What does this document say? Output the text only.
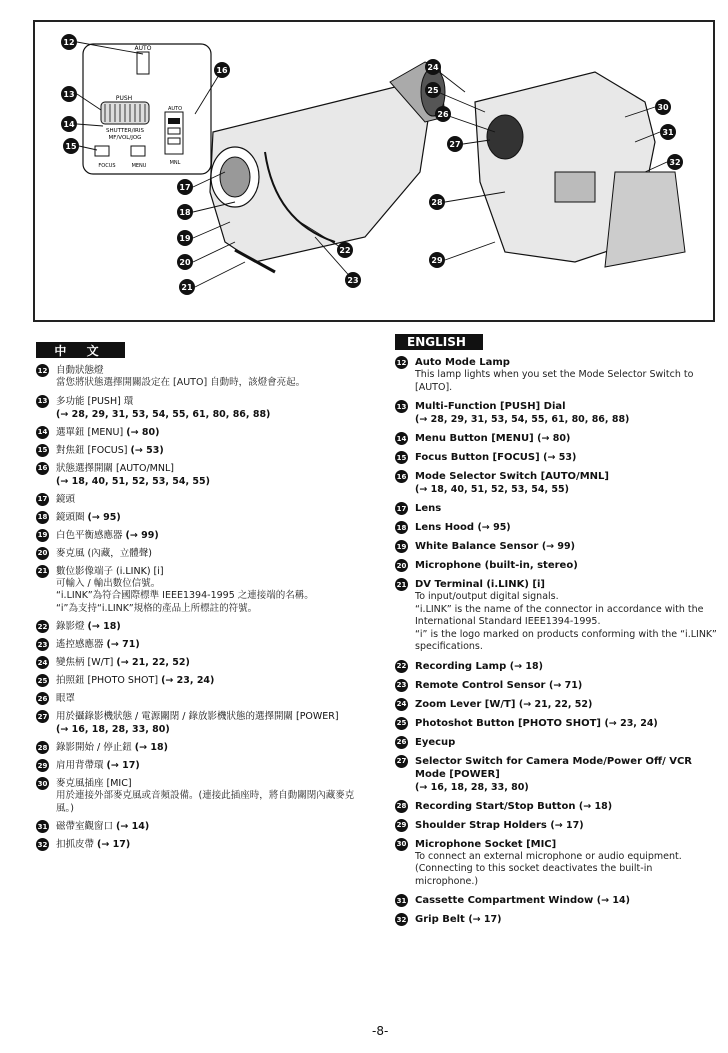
AUTO
PUSH
SHUTTER/IRIS
MF/VOL/JOG
FOCUS	MENU
AUTO
MNL
12
13
14
15
16
17
18
19
20
21
22
23
24
25
26
27
28
29
30
31
32
中 文
ENGLISH
12 自動狀態燈
當您將狀態選擇開關設定在 [AUTO] 自動時，該燈會亮起。
13 多功能 [PUSH] 環
(→ 28, 29, 31, 53, 54, 55, 61, 80, 86, 88)
14 選單鈕 [MENU] (→ 80)
15 對焦鈕 [FOCUS] (→ 53)
16 狀態選擇開關 [AUTO/MNL]
(→ 18, 40, 51, 52, 53, 54, 55)
17 鏡頭
18 鏡頭圈 (→ 95)
19 白色平衡感應器 (→ 99)
20 麥克風 (內藏，立體聲)
21 數位影像端子 (i.LINK) [i]
可輸入 / 輸出數位信號。
“i.LINK”為符合國際標準 IEEE1394-1995 之連接端的名稱。
“i”為支持“i.LINK”規格的產品上所標註的符號。
22 錄影燈 (→ 18)
23 遙控感應器 (→ 71)
24 變焦柄 [W/T] (→ 21, 22, 52)
25 拍照鈕 [PHOTO SHOT] (→ 23, 24)
26 眼罩
27 用於攝錄影機狀態 / 電源關閉 / 錄放影機狀態的選擇開關 [POWER]
(→ 16, 18, 28, 33, 80)
28 錄影開始 / 停止鈕 (→ 18)
29 肩用背帶環 (→ 17)
30 麥克風插座 [MIC]
用於連接外部麥克風或音頻設備。(連接此插座時，將自動關閉內藏麥克風。)
31 磁帶室觀窗口 (→ 14)
32 扣抓皮帶 (→ 17)
12 Auto Mode Lamp
This lamp lights when you set the Mode Selector Switch to [AUTO].
13 Multi-Function [PUSH] Dial
(→ 28, 29, 31, 53, 54, 55, 61, 80, 86, 88)
14 Menu Button [MENU] (→ 80)
15 Focus Button [FOCUS] (→ 53)
16 Mode Selector Switch [AUTO/MNL]
(→ 18, 40, 51, 52, 53, 54, 55)
17 Lens
18 Lens Hood (→ 95)
19 White Balance Sensor (→ 99)
20 Microphone (built-in, stereo)
21 DV Terminal (i.LINK) [i]
To input/output digital signals.
“i.LINK” is the name of the connector in accordance with the International Standard IEEE1394-1995.
“i” is the logo marked on products conforming with the “i.LINK” specifications.
22 Recording Lamp (→ 18)
23 Remote Control Sensor (→ 71)
24 Zoom Lever [W/T] (→ 21, 22, 52)
25 Photoshot Button [PHOTO SHOT] (→ 23, 24)
26 Eyecup
27 Selector Switch for Camera Mode/Power Off/ VCR Mode [POWER]
(→ 16, 18, 28, 33, 80)
28 Recording Start/Stop Button (→ 18)
29 Shoulder Strap Holders (→ 17)
30 Microphone Socket [MIC]
To connect an external microphone or audio equipment. (Connecting to this socket deactivates the built-in microphone.)
31 Cassette Compartment Window (→ 14)
32 Grip Belt (→ 17)
-8-
